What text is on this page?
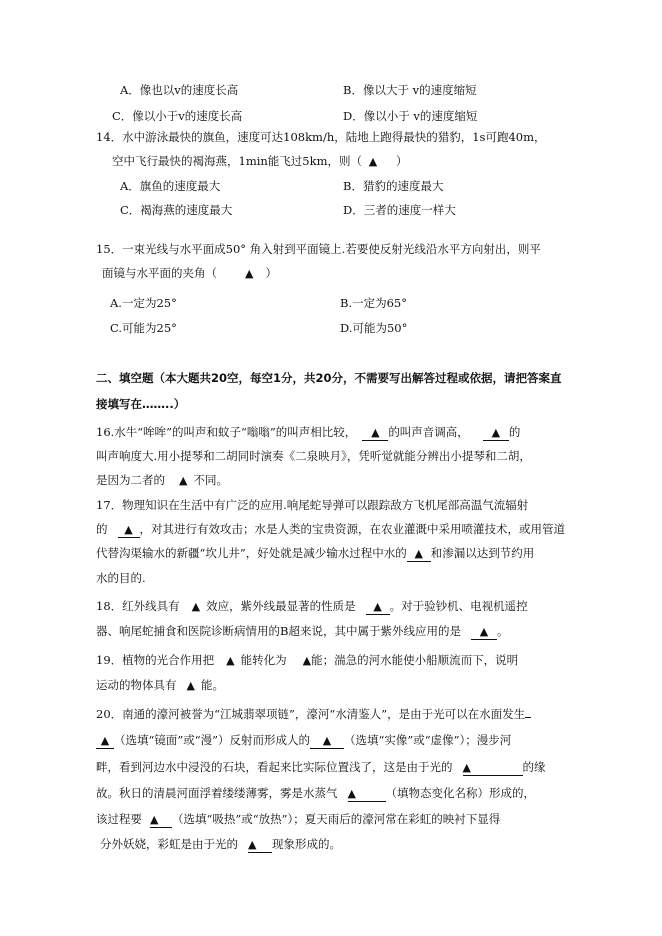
A．像也以v的速度长高	B．像以大于 v的速度缩短
C．像以小于v的速度长高	D．像以小于 v的速度缩短
14．水中游泳最快的旗鱼，速度可达108km/h，陆地上跑得最快的猎豹，1s可跑40m，
空中飞行最快的褐海燕，1min能飞过5km，则（ ▲ ）
A．旗鱼的速度最大	B．猎豹的速度最大
C．褐海燕的速度最大	D．三者的速度一样大
15．一束光线与水平面成50° 角入射到平面镜上.若要使反射光线沿水平方向射出，则平
面镜与水平面的夹角（	▲ ）
A.一定为25°	B.一定为65°
C.可能为25°	D.可能为50°
二、填空题（本大题共20空，每空1分，共20分，不需要写出解答过程或依据，请把答案直
接填写在……..）
16.水牛“哞哞”的叫声和蚊子“嗡嗡”的叫声相比较， ▲ 的叫声音调高， ▲ 的
叫声响度大.用小提琴和二胡同时演奏《二泉映月》，凭听觉就能分辨出小提琴和二胡，
是因为二者的 ▲ 不同。
17．物理知识在生活中有广泛的应用.响尾蛇导弹可以跟踪敌方飞机尾部高温气流辐射
的 ▲ ，对其进行有效攻击；水是人类的宝贵资源，在农业灌溉中采用喷灌技术，或用管道
代替沟渠输水的新疆“坎儿井”，好处就是减少输水过程中水的 ▲ 和渗漏以达到节约用
水的目的.
18．红外线具有 ▲ 效应，紫外线最显著的性质是 ▲ 。对于验钞机、电视机遥控
器、响尾蛇捕食和医院诊断病情用的B超来说，其中属于紫外线应用的是 ▲ 。
19．植物的光合作用把 ▲ 能转化为 ▲能；湍急的河水能使小船顺流而下，说明
运动的物体具有 ▲ 能。
20．南通的濠河被誉为“江城翡翠项链”，濠河“水清鉴人”，是由于光可以在水面发生
▲ （选填“镜面”或“漫”）反射而形成人的 ▲ （选填“实像”或“虚像”）；漫步河
畔，看到河边水中浸没的石块，看起来比实际位置浅了，这是由于光的 ▲	的缘
故。秋日的清晨河面浮着缕缕薄雾，雾是水蒸气 ▲	（填物态变化名称）形成的，
该过程要 ▲ （选填“吸热”或“放热”）；夏天雨后的濠河常在彩虹的映衬下显得
分外妖娆，彩虹是由于光的 ▲ 现象形成的。
